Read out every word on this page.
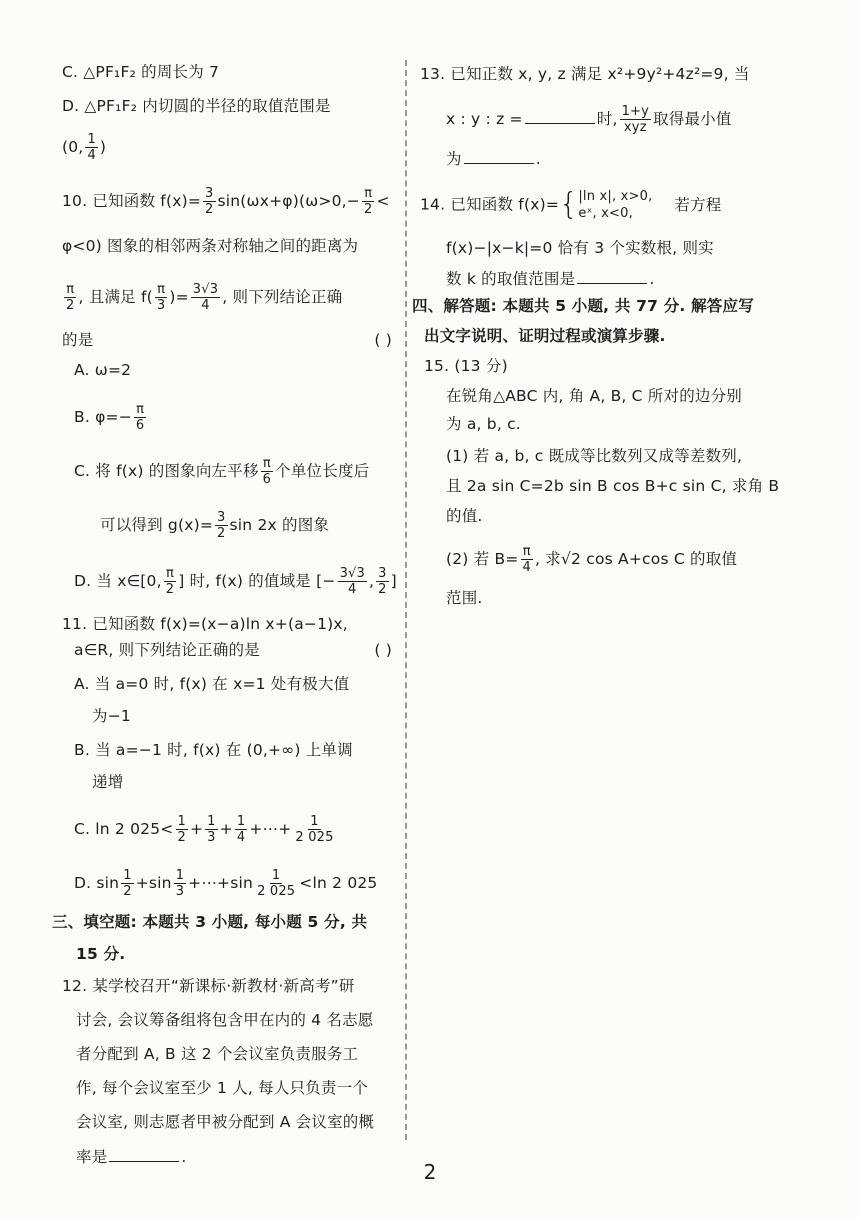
C. △PF₁F₂ 的周长为 7
D. △PF₁F₂ 内切圆的半径的取值范围是
(0, $\frac{1}{4}$ )
10. 已知函数 $f(x)= \frac{3}{2} \sin(\omega x+\varphi)(\omega>0,- \frac{\pi}{2}$ <
φ<0) 图象的相邻两条对称轴之间的距离为
$\frac{\pi}{2}$ , 且满足 $f( \frac{\pi}{3}$ )= $\frac{3√3}{4}$ , 则下列结论正确
的是	( )
A. ω=2
B. $\varphi=- \frac{\pi}{6}$
C. 将 f(x) 的图象向左平移 $\frac{\pi}{6}$ 个单位长度后
可以得到 $g(x)= \frac{3}{2}$ sin 2x 的图象
D. 当 x∈[0, $\frac{\pi}{2}$ ] 时, f(x) 的值域是 [− $\frac{3√3}{4}$ , $\frac{3}{2}$ ]
11. 已知函数 f(x)=(x−a)ln x+(a−1)x,
a∈R, 则下列结论正确的是	( )
A. 当 a=0 时, f(x) 在 x=1 处有极大值
为−1
B. 当 a=−1 时, f(x) 在 (0,+∞) 上单调
递增
C. ln 2 $025< \frac{1}{2} + \frac{1}{3} + \frac{1}{4}$ +⋯+ $\frac{1}{2 025}$
D. $\sin \frac{1}{2} +\sin \frac{1}{3}$ +⋯+sin $\frac{1}{2 025} <\ln$ 2 025
三、填空题: 本题共 3 小题, 每小题 5 分, 共
15 分.
12. 某学校召开“新课标·新教材·新高考”研
讨会, 会议筹备组将包含甲在内的 4 名志愿
者分配到 A, B 这 2 个会议室负责服务工
作, 每个会议室至少 1 人, 每人只负责一个
会议室, 则志愿者甲被分配到 A 会议室的概
率是	.
13. 已知正数 x, y, z 满足 x²+9y²+4z²=9, 当
x : y : z =	时, $\frac{1+y}{\text{xyz}}$ 取得最小值
为	.
14. 已知函数 f(x)={ |ln x|, x>0,
eˣ, x<0,	若方程
f(x)−|x−k|=0 恰有 3 个实数根, 则实
数 k 的取值范围是	.
四、解答题: 本题共 5 小题, 共 77 分. 解答应写
出文字说明、证明过程或演算步骤.
15. (13 分)
在锐角△ABC 内, 角 A, B, C 所对的边分别
为 a, b, c.
(1) 若 a, b, c 既成等比数列又成等差数列,
且 2a sin C=2b sin B cos B+c sin C, 求角 B
的值.
(2) 若 $B= \frac{\pi}{4}$ , 求√2 cos A+cos C 的取值
范围.
2
